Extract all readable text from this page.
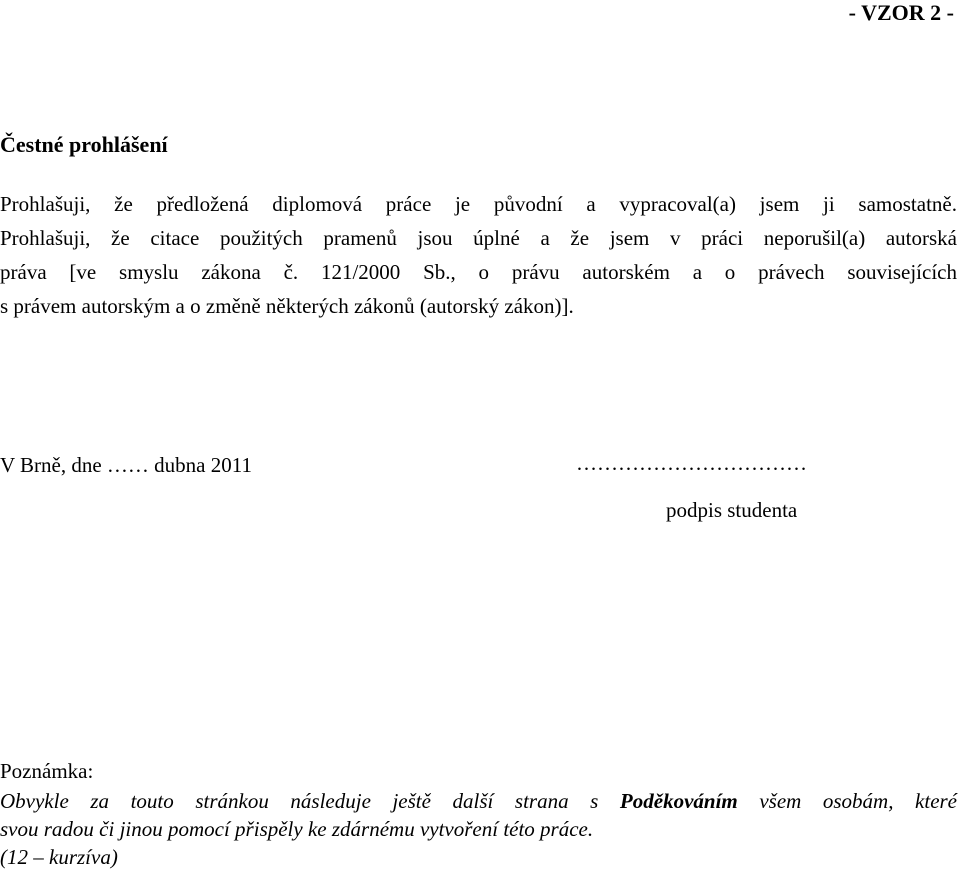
- VZOR 2 -
Čestné prohlášení
Prohlašuji, že předložená diplomová práce je původní a vypracoval(a) jsem ji samostatně.
Prohlašuji, že citace použitých pramenů jsou úplné a že jsem v práci neporušil(a) autorská
práva [ve smyslu zákona č. 121/2000 Sb., o právu autorském a o právech souvisejících
s právem autorským a o změně některých zákonů (autorský zákon)].
V Brně, dne …… dubna 2011	……………………………
podpis studenta
Poznámka:
Obvykle za touto stránkou následuje ještě další strana s Poděkováním všem osobám, které
svou radou či jinou pomocí přispěly ke zdárnému vytvoření této práce.
(12 – kurzíva)
